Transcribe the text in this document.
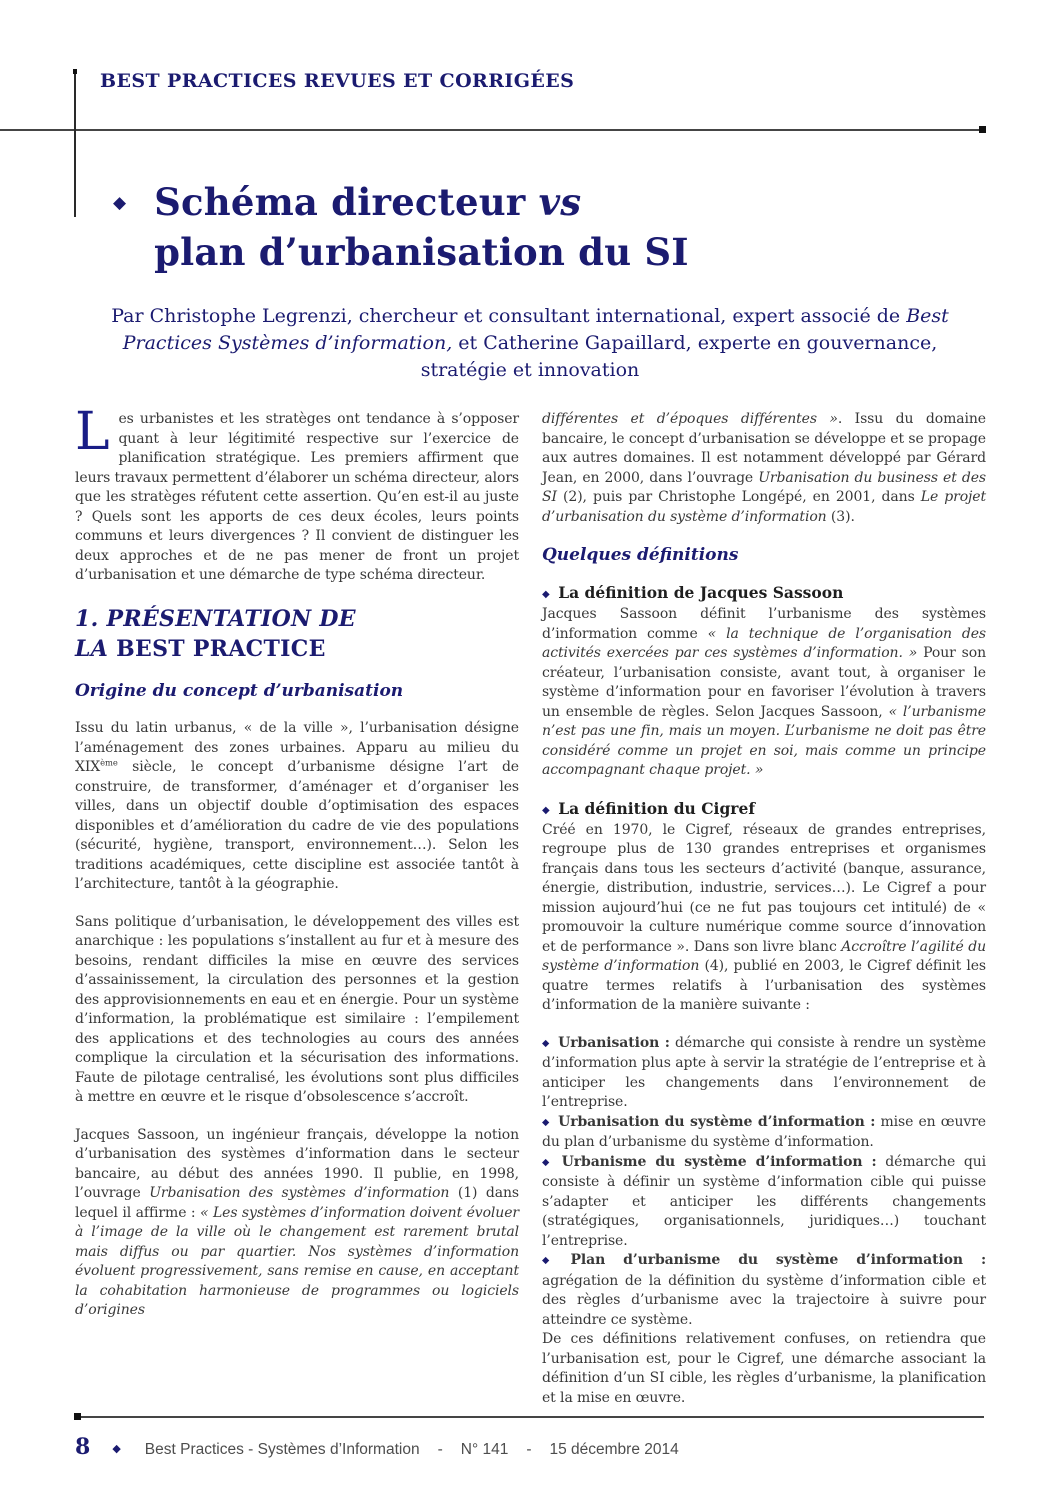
BEST PRACTICES REVUES ET CORRIGÉES
◆ Schéma directeur vs
plan d’urbanisation du SI

Par Christophe Legrenzi, chercheur et consultant international, expert associé de Best Practices Systèmes d’information, et Catherine Gapaillard, experte en gouvernance, stratégie et innovation

Les urbanistes et les stratèges ont tendance à s’opposer quant à leur légitimité respective sur l’exercice de planification stratégique. Les premiers affirment que leurs travaux permettent d’élaborer un schéma directeur, alors que les stratèges réfutent cette assertion. Qu’en est-il au juste ? Quels sont les apports de ces deux écoles, leurs points communs et leurs divergences ? Il convient de distinguer les deux approches et de ne pas mener de front un projet d’urbanisation et une démarche de type schéma directeur.

1. PRÉSENTATION DE
LA BEST PRACTICE
Origine du concept d’urbanisation

Issu du latin urbanus, « de la ville », l’urbanisation désigne l’aménagement des zones urbaines. Apparu au milieu du XIXème siècle, le concept d’urbanisme désigne l’art de construire, de transformer, d’aménager et d’organiser les villes, dans un objectif double d’optimisation des espaces disponibles et d’amélioration du cadre de vie des populations (sécurité, hygiène, transport, environnement…). Selon les traditions académiques, cette discipline est associée tantôt à l’architecture, tantôt à la géographie.

Sans politique d’urbanisation, le développement des villes est anarchique : les populations s’installent au fur et à mesure des besoins, rendant difficiles la mise en œuvre des services d’assainissement, la circulation des personnes et la gestion des approvisionnements en eau et en énergie. Pour un système d’information, la problématique est similaire : l’empilement des applications et des technologies au cours des années complique la circulation et la sécurisation des informations. Faute de pilotage centralisé, les évolutions sont plus difficiles à mettre en œuvre et le risque d’obsolescence s’accroît.

Jacques Sassoon, un ingénieur français, développe la notion d’urbanisation des systèmes d’information dans le secteur bancaire, au début des années 1990. Il publie, en 1998, l’ouvrage Urbanisation des systèmes d’information (1) dans lequel il affirme : « Les systèmes d’information doivent évoluer à l’image de la ville où le changement est rarement brutal mais diffus ou par quartier. Nos systèmes d’information évoluent progressivement, sans remise en cause, en acceptant la cohabitation harmonieuse de programmes ou logiciels d’origines

différentes et d’époques différentes ». Issu du domaine bancaire, le concept d’urbanisation se développe et se propage aux autres domaines. Il est notamment développé par Gérard Jean, en 2000, dans l’ouvrage Urbanisation du business et des SI (2), puis par Christophe Longépé, en 2001, dans Le projet d’urbanisation du système d’information (3).

Quelques définitions
◆ La définition de Jacques Sassoon

Jacques Sassoon définit l’urbanisme des systèmes d’information comme « la technique de l’organisation des activités exercées par ces systèmes d’information. » Pour son créateur, l’urbanisation consiste, avant tout, à organiser le système d’information pour en favoriser l’évolution à travers un ensemble de règles. Selon Jacques Sassoon, « l’urbanisme n’est pas une fin, mais un moyen. L’urbanisme ne doit pas être considéré comme un projet en soi, mais comme un principe accompagnant chaque projet. »

◆ La définition du Cigref

Créé en 1970, le Cigref, réseaux de grandes entreprises, regroupe plus de 130 grandes entreprises et organismes français dans tous les secteurs d’activité (banque, assurance, énergie, distribution, industrie, services…). Le Cigref a pour mission aujourd’hui (ce ne fut pas toujours cet intitulé) de « promouvoir la culture numérique comme source d’innovation et de performance ». Dans son livre blanc Accroître l’agilité du système d’information (4), publié en 2003, le Cigref définit les quatre termes relatifs à l’urbanisation des systèmes d’information de la manière suivante :

◆ Urbanisation : démarche qui consiste à rendre un système d’information plus apte à servir la stratégie de l’entreprise et à anticiper les changements dans l’environnement de l’entreprise.

◆ Urbanisation du système d’information : mise en œuvre du plan d’urbanisme du système d’information.

◆ Urbanisme du système d’information : démarche qui consiste à définir un système d’information cible qui puisse s’adapter et anticiper les différents changements (stratégiques, organisationnels, juridiques…) touchant l’entreprise.

◆ Plan d’urbanisme du système d’information : agrégation de la définition du système d’information cible et des règles d’urbanisme avec la trajectoire à suivre pour atteindre ce système.

De ces définitions relativement confuses, on retiendra que l’urbanisation est, pour le Cigref, une démarche associant la définition d’un SI cible, les règles d’urbanisme, la planification et la mise en œuvre.

8 ◆ Best Practices - Systèmes d’Information - N° 141 - 15 décembre 2014
